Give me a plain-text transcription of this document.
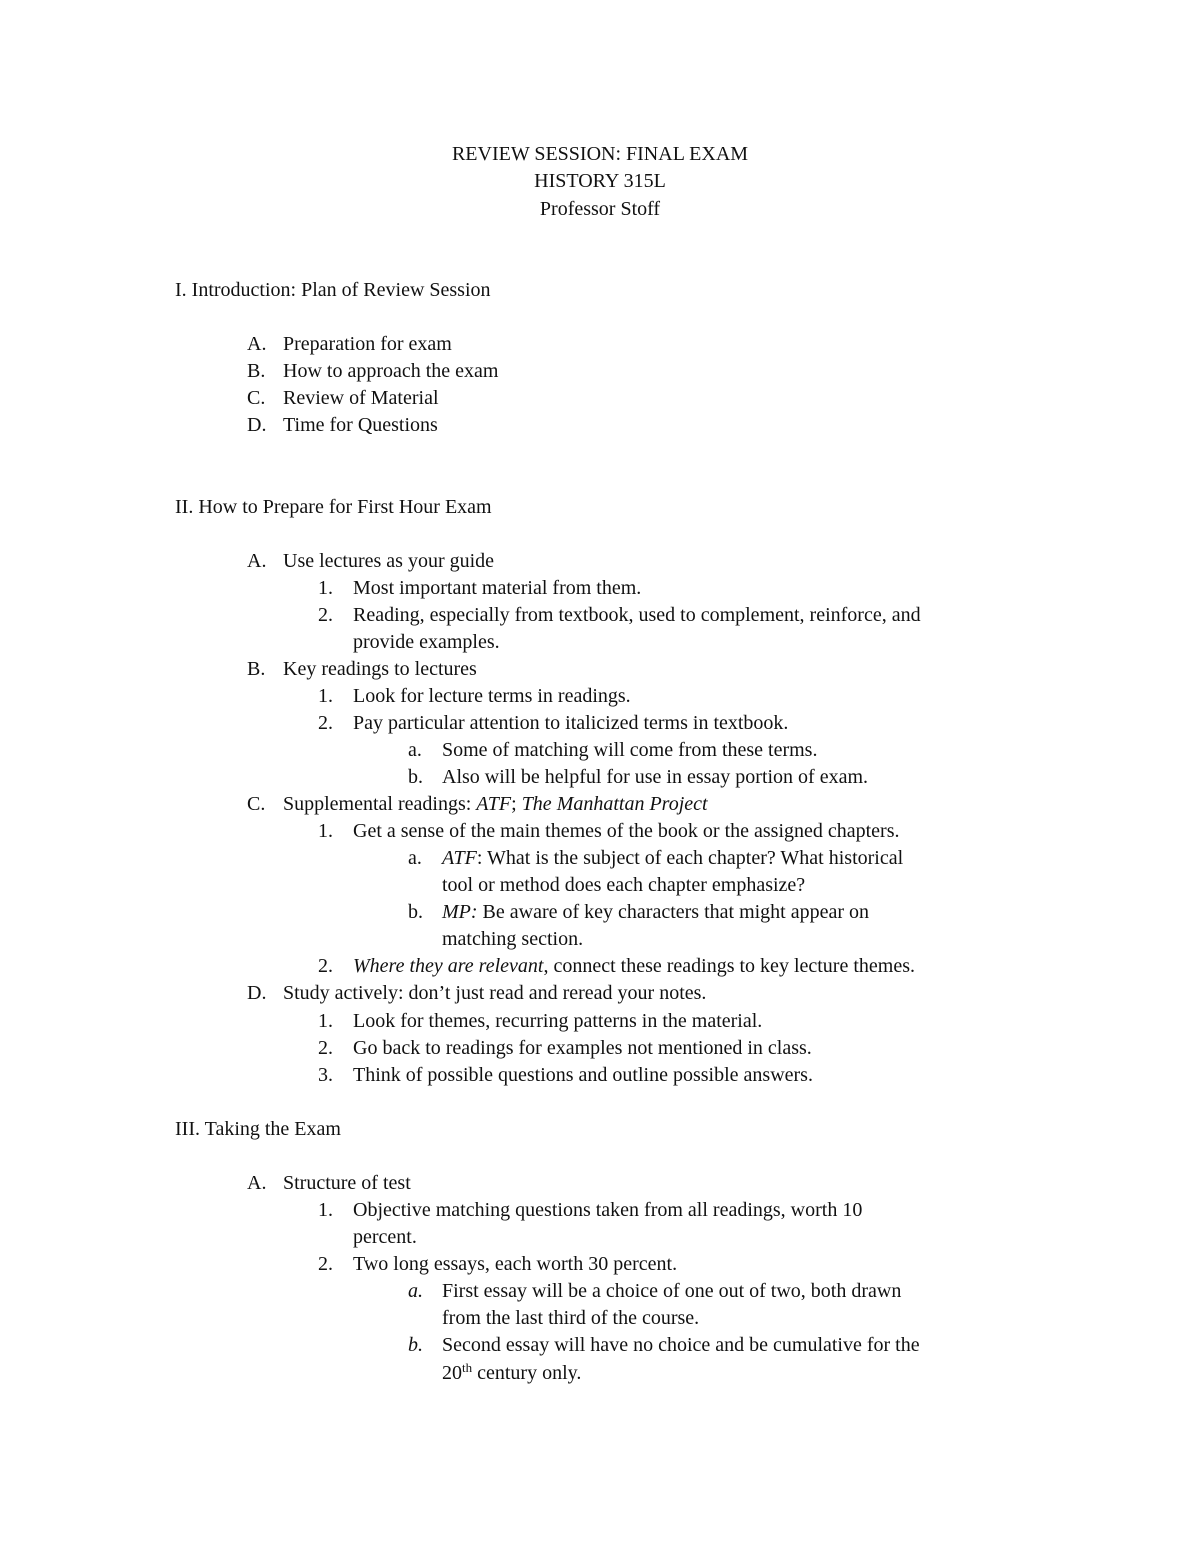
REVIEW SESSION: FINAL EXAM
HISTORY 315L
Professor Stoff
I. Introduction: Plan of Review Session
A. Preparation for exam
B. How to approach the exam
C. Review of Material
D. Time for Questions
II. How to Prepare for First Hour Exam
A. Use lectures as your guide
1. Most important material from them.
2. Reading, especially from textbook, used to complement, reinforce, and
provide examples.
B. Key readings to lectures
1. Look for lecture terms in readings.
2. Pay particular attention to italicized terms in textbook.
a. Some of matching will come from these terms.
b. Also will be helpful for use in essay portion of exam.
C. Supplemental readings: ATF; The Manhattan Project
1. Get a sense of the main themes of the book or the assigned chapters.
a. ATF: What is the subject of each chapter? What historical
tool or method does each chapter emphasize?
b. MP: Be aware of key characters that might appear on
matching section.
2. Where they are relevant, connect these readings to key lecture themes.
D. Study actively: don’t just read and reread your notes.
1. Look for themes, recurring patterns in the material.
2. Go back to readings for examples not mentioned in class.
3. Think of possible questions and outline possible answers.
III. Taking the Exam
A. Structure of test
1. Objective matching questions taken from all readings, worth 10
percent.
2. Two long essays, each worth 30 percent.
a. First essay will be a choice of one out of two, both drawn
from the last third of the course.
b. Second essay will have no choice and be cumulative for the
20th century only.
